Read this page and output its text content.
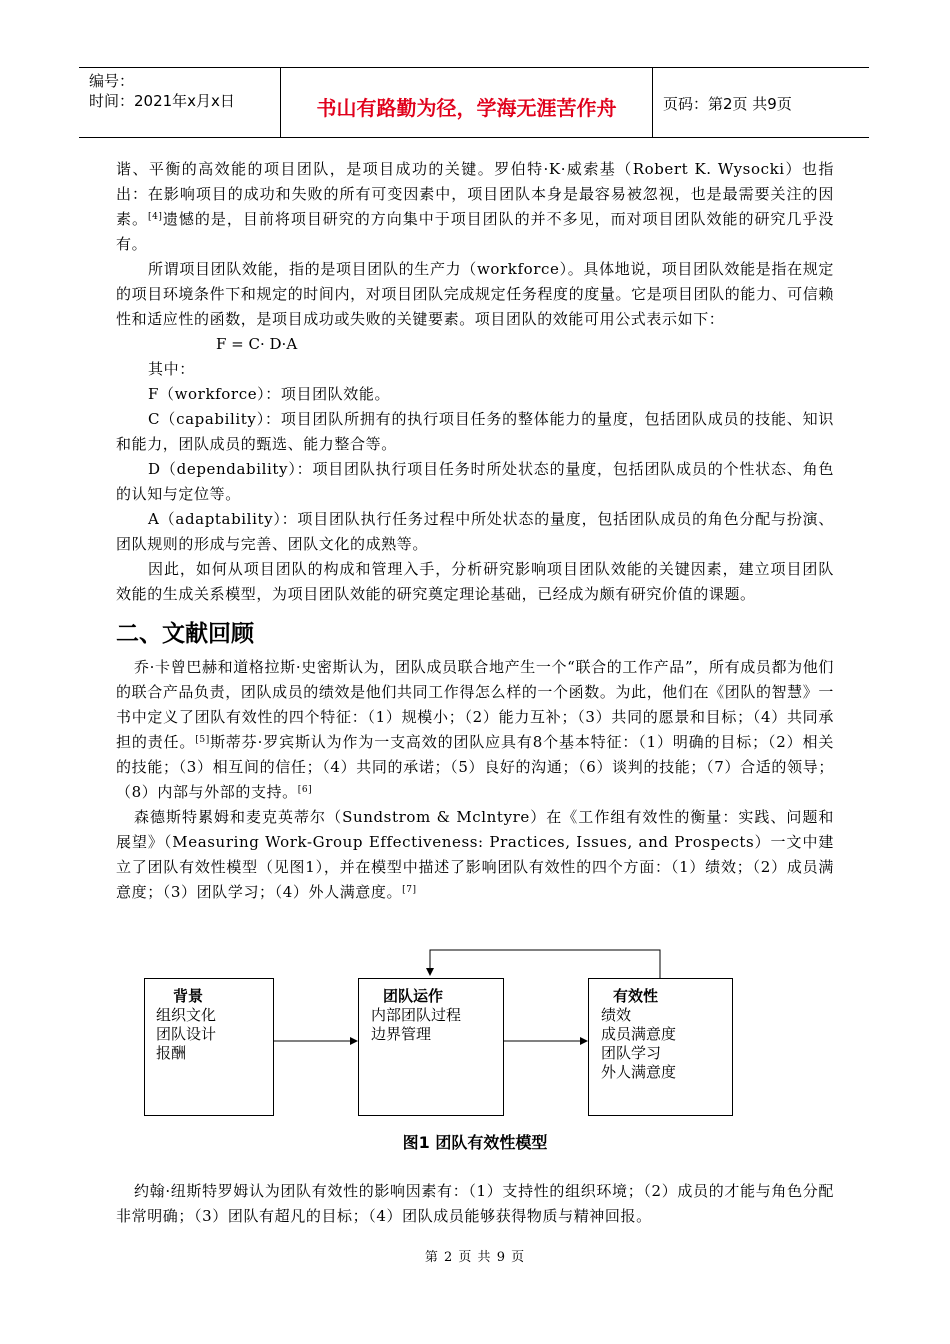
编号：
时间：2021年x月x日	书山有路勤为径，学海无涯苦作舟	页码：第2页 共9页

谐、平衡的高效能的项目团队，是项目成功的关键。罗伯特·K·威索基（Robert K. Wysocki）也指出：在影响项目的成功和失败的所有可变因素中，项目团队本身是最容易被忽视，也是最需要关注的因素。[4]遗憾的是，目前将项目研究的方向集中于项目团队的并不多见，而对项目团队效能的研究几乎没有。

所谓项目团队效能，指的是项目团队的生产力（workforce）。具体地说，项目团队效能是指在规定的项目环境条件下和规定的时间内，对项目团队完成规定任务程度的度量。它是项目团队的能力、可信赖性和适应性的函数，是项目成功或失败的关键要素。项目团队的效能可用公式表示如下：

F = C· D·A

其中：

F（workforce）：项目团队效能。

C（capability）：项目团队所拥有的执行项目任务的整体能力的量度，包括团队成员的技能、知识和能力，团队成员的甄选、能力整合等。

D（dependability）：项目团队执行项目任务时所处状态的量度，包括团队成员的个性状态、角色的认知与定位等。

A（adaptability）：项目团队执行任务过程中所处状态的量度，包括团队成员的角色分配与扮演、团队规则的形成与完善、团队文化的成熟等。

因此，如何从项目团队的构成和管理入手，分析研究影响项目团队效能的关键因素，建立项目团队效能的生成关系模型，为项目团队效能的研究奠定理论基础，已经成为颇有研究价值的课题。

二、文献回顾

乔·卡曾巴赫和道格拉斯·史密斯认为，团队成员联合地产生一个“联合的工作产品”，所有成员都为他们的联合产品负责，团队成员的绩效是他们共同工作得怎么样的一个函数。为此，他们在《团队的智慧》一书中定义了团队有效性的四个特征：（1）规模小；（2）能力互补；（3）共同的愿景和目标；（4）共同承担的责任。[5]斯蒂芬·罗宾斯认为作为一支高效的团队应具有8个基本特征：（1）明确的目标；（2）相关的技能；（3）相互间的信任；（4）共同的承诺；（5）良好的沟通；（6）谈判的技能；（7）合适的领导；（8）内部与外部的支持。[6]

森德斯特累姆和麦克英蒂尔（Sundstrom & Mclntyre）在《工作组有效性的衡量：实践、问题和展望》（Measuring Work-Group Effectiveness: Practices, Issues, and Prospects）一文中建立了团队有效性模型（见图1），并在模型中描述了影响团队有效性的四个方面：（1）绩效；（2）成员满意度；（3）团队学习；（4）外人满意度。[7]

背景
组织文化
团队设计
报酬
团队运作
内部团队过程
边界管理
有效性
绩效
成员满意度
团队学习
外人满意度
图1 团队有效性模型

约翰·纽斯特罗姆认为团队有效性的影响因素有：（1）支持性的组织环境；（2）成员的才能与角色分配非常明确；（3）团队有超凡的目标；（4）团队成员能够获得物质与精神回报。

第 2 页 共 9 页
